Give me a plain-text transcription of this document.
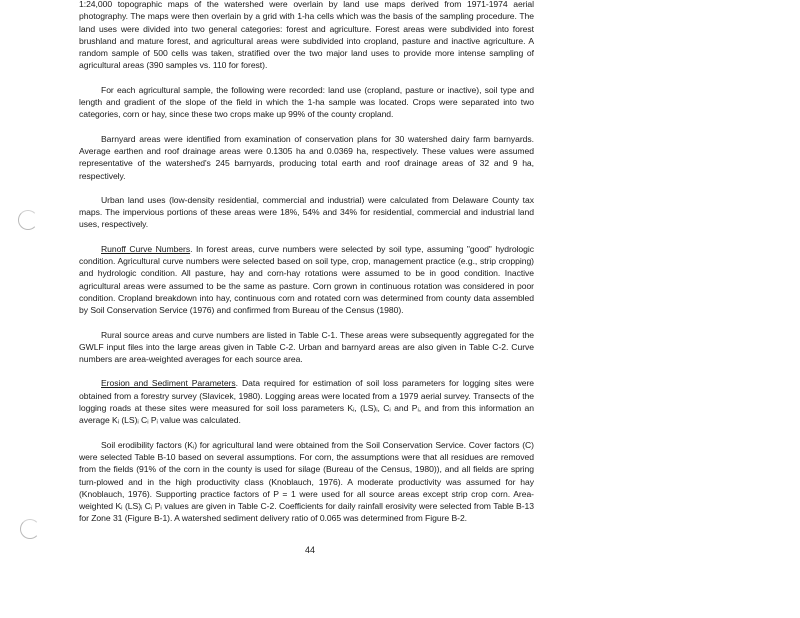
1:24,000 topographic maps of the watershed were overlain by land use maps derived from 1971-1974 aerial photography. The maps were then overlain by a grid with 1-ha cells which was the basis of the sampling procedure. The land uses were divided into two general categories: forest and agriculture. Forest areas were subdivided into forest brushland and mature forest, and agricultural areas were subdivided into cropland, pasture and inactive agriculture. A random sample of 500 cells was taken, stratified over the two major land uses to provide more intense sampling of agricultural areas (390 samples vs. 110 for forest).

For each agricultural sample, the following were recorded: land use (cropland, pasture or inactive), soil type and length and gradient of the slope of the field in which the 1-ha sample was located. Crops were separated into two categories, corn or hay, since these two crops make up 99% of the county cropland.

Barnyard areas were identified from examination of conservation plans for 30 watershed dairy farm barnyards. Average earthen and roof drainage areas were 0.1305 ha and 0.0369 ha, respectively. These values were assumed representative of the watershed's 245 barnyards, producing total earth and roof drainage areas of 32 and 9 ha, respectively.

Urban land uses (low-density residential, commercial and industrial) were calculated from Delaware County tax maps. The impervious portions of these areas were 18%, 54% and 34% for residential, commercial and industrial land uses, respectively.

Runoff Curve Numbers. In forest areas, curve numbers were selected by soil type, assuming "good" hydrologic condition. Agricultural curve numbers were selected based on soil type, crop, management practice (e.g., strip cropping) and hydrologic condition. All pasture, hay and corn-hay rotations were assumed to be in good condition. Inactive agricultural areas were assumed to be the same as pasture. Corn grown in continuous rotation was considered in poor condition. Cropland breakdown into hay, continuous corn and rotated corn was determined from county data assembled by Soil Conservation Service (1976) and confirmed from Bureau of the Census (1980).

Rural source areas and curve numbers are listed in Table C-1. These areas were subsequently aggregated for the GWLF input files into the large areas given in Table C-2. Urban and barnyard areas are also given in Table C-2. Curve numbers are area-weighted averages for each source area.

Erosion and Sediment Parameters. Data required for estimation of soil loss parameters for logging sites were obtained from a forestry survey (Slavicek, 1980). Logging areas were located from a 1979 aerial survey. Transects of the logging roads at these sites were measured for soil loss parameters Kᵢ, (LS)ᵢ, Cᵢ and Pᵢ, and from this information an average Kᵢ (LS)ᵢ Cᵢ Pᵢ value was calculated.

Soil erodibility factors (Kᵢ) for agricultural land were obtained from the Soil Conservation Service. Cover factors (C) were selected Table B-10 based on several assumptions. For corn, the assumptions were that all residues are removed from the fields (91% of the corn in the county is used for silage (Bureau of the Census, 1980)), and all fields are spring turn-plowed and in the high productivity class (Knoblauch, 1976). A moderate productivity was assumed for hay (Knoblauch, 1976). Supporting practice factors of P = 1 were used for all source areas except strip crop corn. Area-weighted Kᵢ (LS)ᵢ Cᵢ Pᵢ values are given in Table C-2. Coefficients for daily rainfall erosivity were selected from Table B-13 for Zone 31 (Figure B-1). A watershed sediment delivery ratio of 0.065 was determined from Figure B-2.

44
